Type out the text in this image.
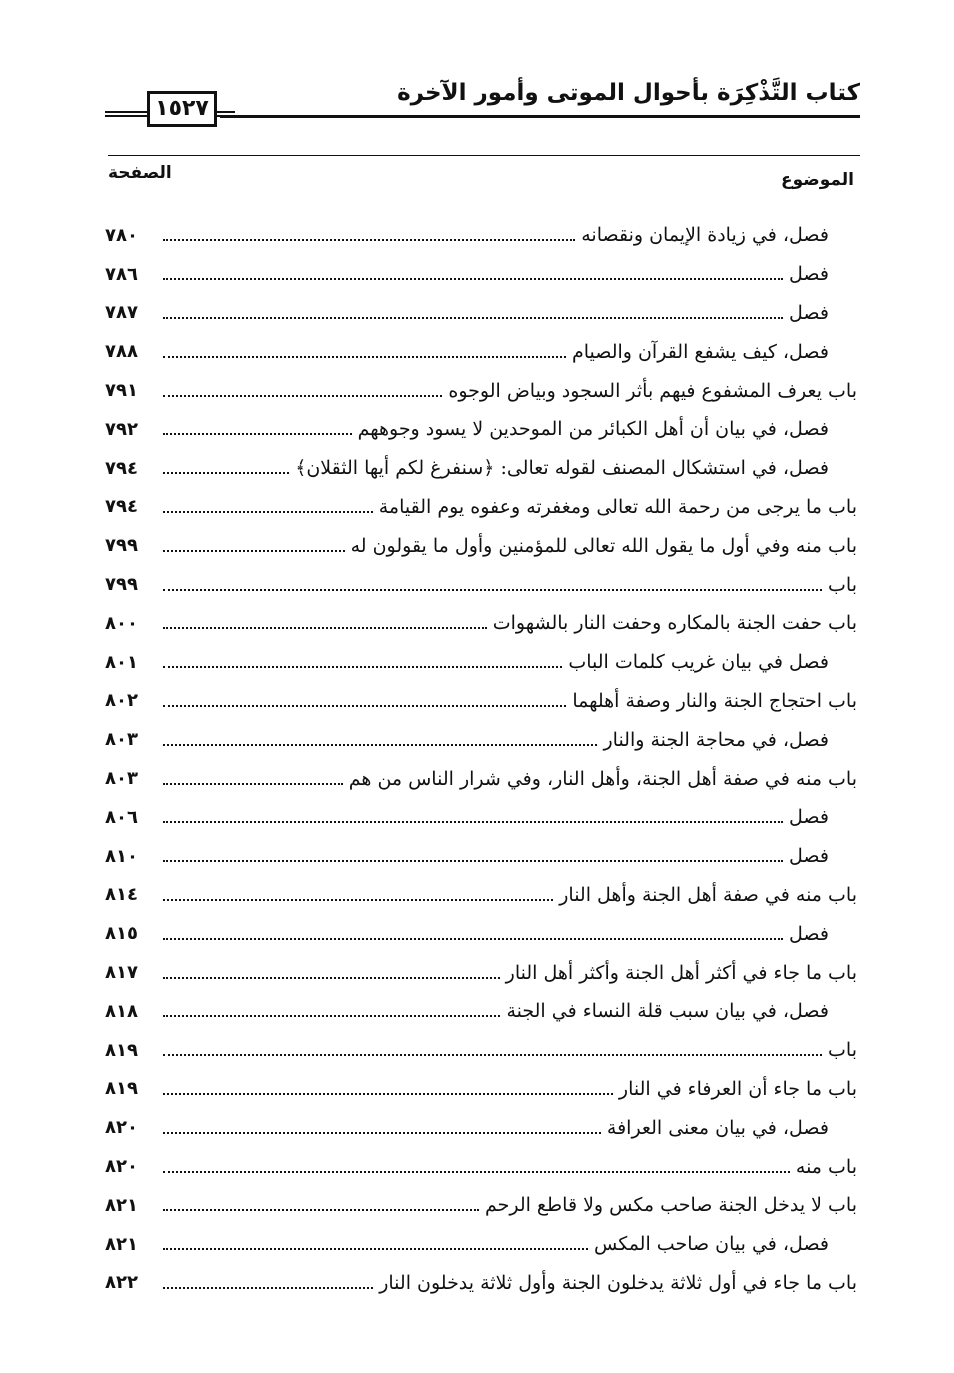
١٥٢٧
كتاب التَّذْكِرَة بأحوال الموتى وأمور الآخرة
الصفحة	الموضوع
فصل، في زيادة الإيمان ونقصانه
٧٨٠
فصل
٧٨٦
فصل
٧٨٧
فصل، كيف يشفع القرآن والصيام
٧٨٨
باب يعرف المشفوع فيهم بأثر السجود وبياض الوجوه
٧٩١
فصل، في بيان أن أهل الكبائر من الموحدين لا يسود وجوههم
٧٩٢
فصل، في استشكال المصنف لقوله تعالى: ﴿سنفرغ لكم أيها الثقلان﴾
٧٩٤
باب ما يرجى من رحمة الله تعالى ومغفرته وعفوه يوم القيامة
٧٩٤
باب منه وفي أول ما يقول الله تعالى للمؤمنين وأول ما يقولون له
٧٩٩
باب
٧٩٩
باب حفت الجنة بالمكاره وحفت النار بالشهوات
٨٠٠
فصل في بيان غريب كلمات الباب
٨٠١
باب احتجاج الجنة والنار وصفة أهلهما
٨٠٢
فصل، في محاجة الجنة والنار
٨٠٣
باب منه في صفة أهل الجنة، وأهل النار، وفي شرار الناس من هم
٨٠٣
فصل
٨٠٦
فصل
٨١٠
باب منه في صفة أهل الجنة وأهل النار
٨١٤
فصل
٨١٥
باب ما جاء في أكثر أهل الجنة وأكثر أهل النار
٨١٧
فصل، في بيان سبب قلة النساء في الجنة
٨١٨
باب
٨١٩
باب ما جاء أن العرفاء في النار
٨١٩
فصل، في بيان معنى العرافة
٨٢٠
باب منه
٨٢٠
باب لا يدخل الجنة صاحب مكس ولا قاطع الرحم
٨٢١
فصل، في بيان صاحب المكس
٨٢١
باب ما جاء في أول ثلاثة يدخلون الجنة وأول ثلاثة يدخلون النار
٨٢٢
